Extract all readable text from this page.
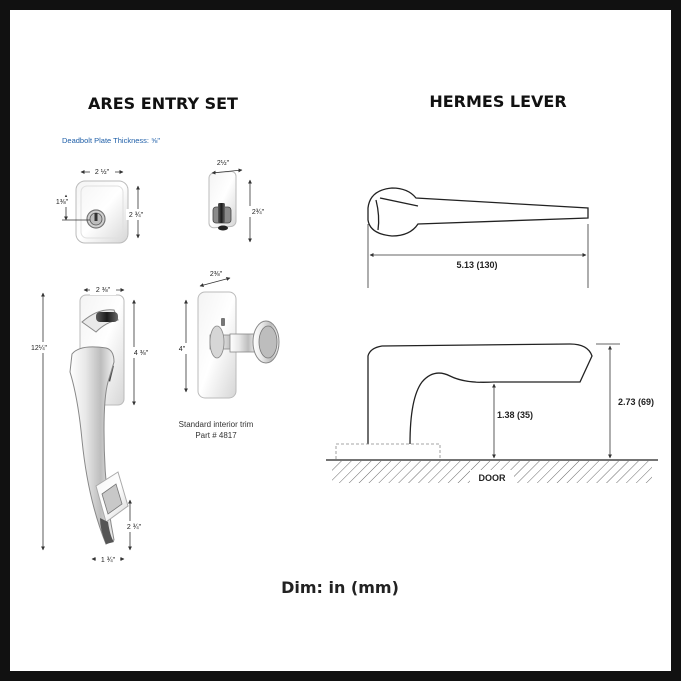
ARES ENTRY SET	HERMES LEVER
Deadbolt Plate Thickness: ⅝"
2 ½"
2 ¾"
1⅜"
2½"
2¾"
2 ⅜"
4 ⅜"
12¼"
2 ¾"
1 ¾"
2⅜"
4"
Standard interior trim
Part # 4817
5.13 (130)
DOOR
1.38 (35)
2.73 (69)
Dim: in (mm)
